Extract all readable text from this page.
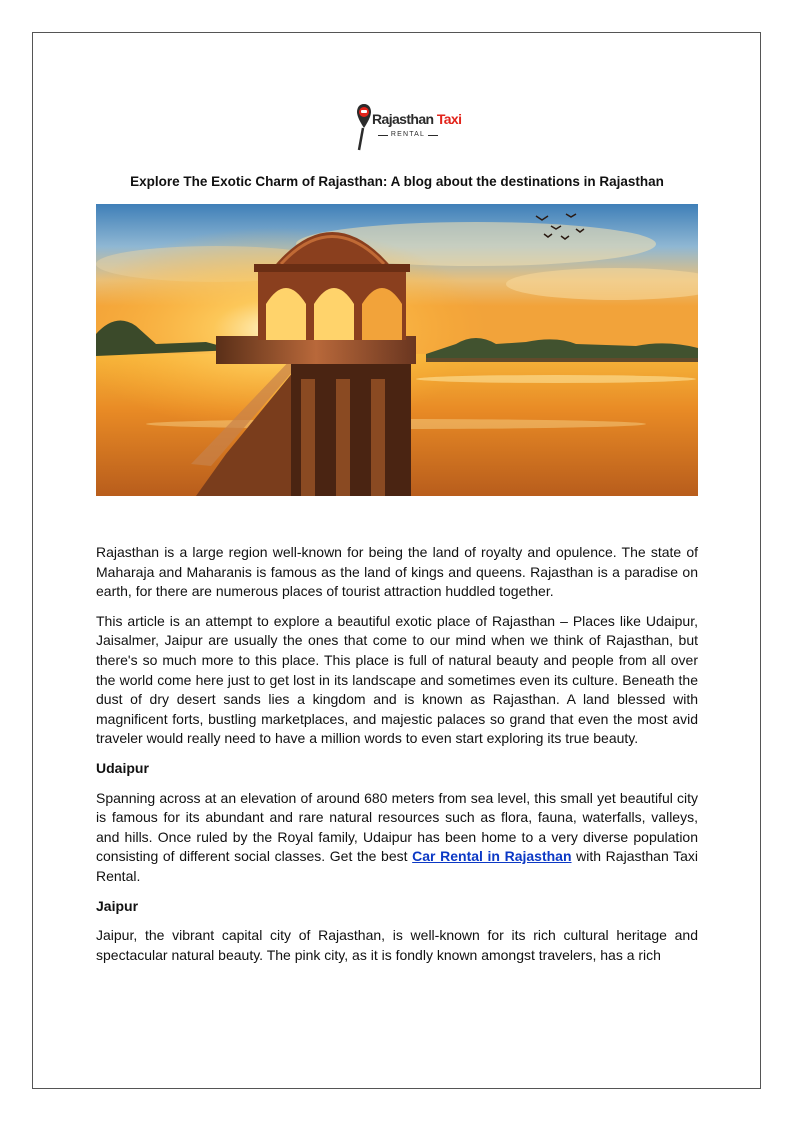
Rajasthan Taxi
RENTAL
Explore The Exotic Charm of Rajasthan: A blog about the destinations in Rajasthan

Rajasthan is a large region well-known for being the land of royalty and opulence. The state of Maharaja and Maharanis is famous as the land of kings and queens. Rajasthan is a paradise on earth, for there are numerous places of tourist attraction huddled together.

This article is an attempt to explore a beautiful exotic place of Rajasthan – Places like Udaipur, Jaisalmer, Jaipur are usually the ones that come to our mind when we think of Rajasthan, but there's so much more to this place. This place is full of natural beauty and people from all over the world come here just to get lost in its landscape and sometimes even its culture. Beneath the dust of dry desert sands lies a kingdom and is known as Rajasthan. A land blessed with magnificent forts, bustling marketplaces, and majestic palaces so grand that even the most avid traveler would really need to have a million words to even start exploring its true beauty.

Udaipur

Spanning across at an elevation of around 680 meters from sea level, this small yet beautiful city is famous for its abundant and rare natural resources such as flora, fauna, waterfalls, valleys, and hills. Once ruled by the Royal family, Udaipur has been home to a very diverse population consisting of different social classes. Get the best Car Rental in Rajasthan with Rajasthan Taxi Rental.

Jaipur

Jaipur, the vibrant capital city of Rajasthan, is well-known for its rich cultural heritage and spectacular natural beauty. The pink city, as it is fondly known amongst travelers, has a rich
